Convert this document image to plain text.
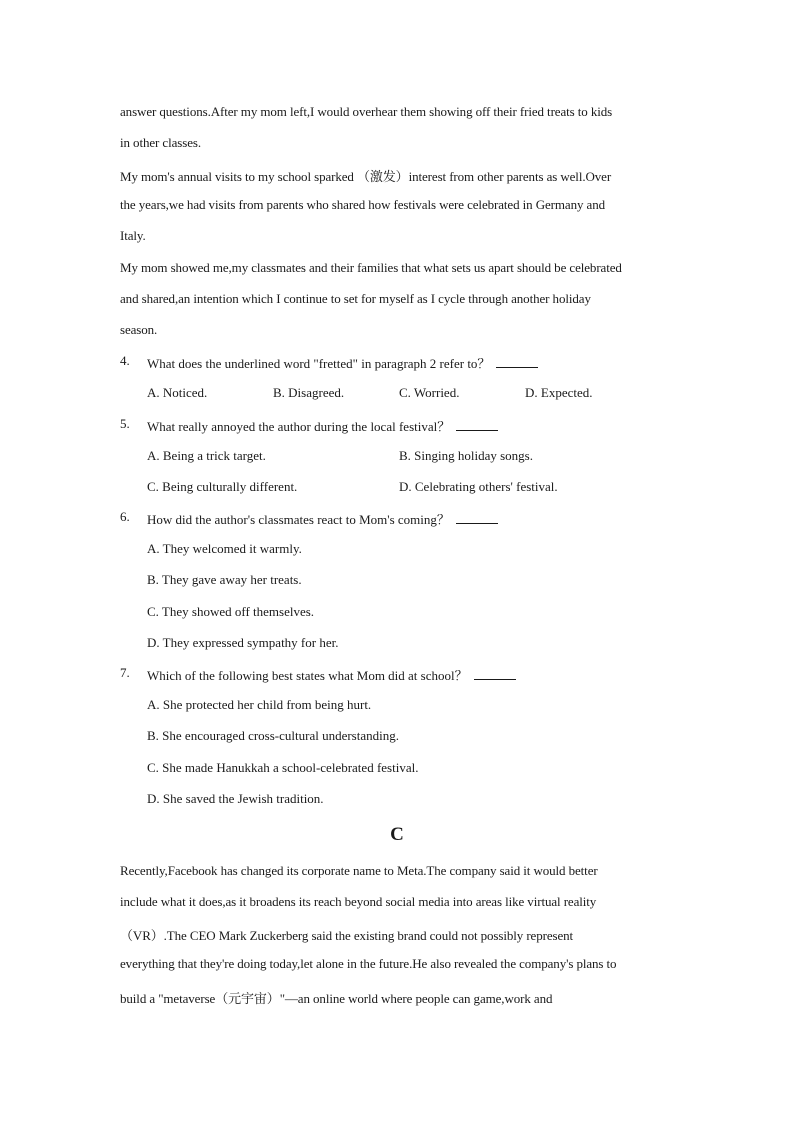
answer questions.After my mom left,I would overhear them showing off their fried treats to kids
in other classes.
My mom's annual visits to my school sparked （激发）interest from other parents as well.Over
the years,we had visits from parents who shared how festivals were celebrated in Germany and
Italy.
My mom showed me,my classmates and their families that what sets us apart should be celebrated
and shared,an intention which I continue to set for myself as I cycle through another holiday
season.
4. What does the underlined word "fretted" in paragraph 2 refer to？
A. Noticed.	B. Disagreed.	C. Worried.	D. Expected.
5. What really annoyed the author during the local festival？
A. Being a trick target.	B. Singing holiday songs.
C. Being culturally different.	D. Celebrating others' festival.
6. How did the author's classmates react to Mom's coming？
A. They welcomed it warmly.
B. They gave away her treats.
C. They showed off themselves.
D. They expressed sympathy for her.
7. Which of the following best states what Mom did at school？
A. She protected her child from being hurt.
B. She encouraged cross-cultural understanding.
C. She made Hanukkah a school-celebrated festival.
D. She saved the Jewish tradition.
C
Recently,Facebook has changed its corporate name to Meta.The company said it would better
include what it does,as it broadens its reach beyond social media into areas like virtual reality
（VR）.The CEO Mark Zuckerberg said the existing brand could not possibly represent
everything that they're doing today,let alone in the future.He also revealed the company's plans to
build a "metaverse（元宇宙）"—an online world where people can game,work and
